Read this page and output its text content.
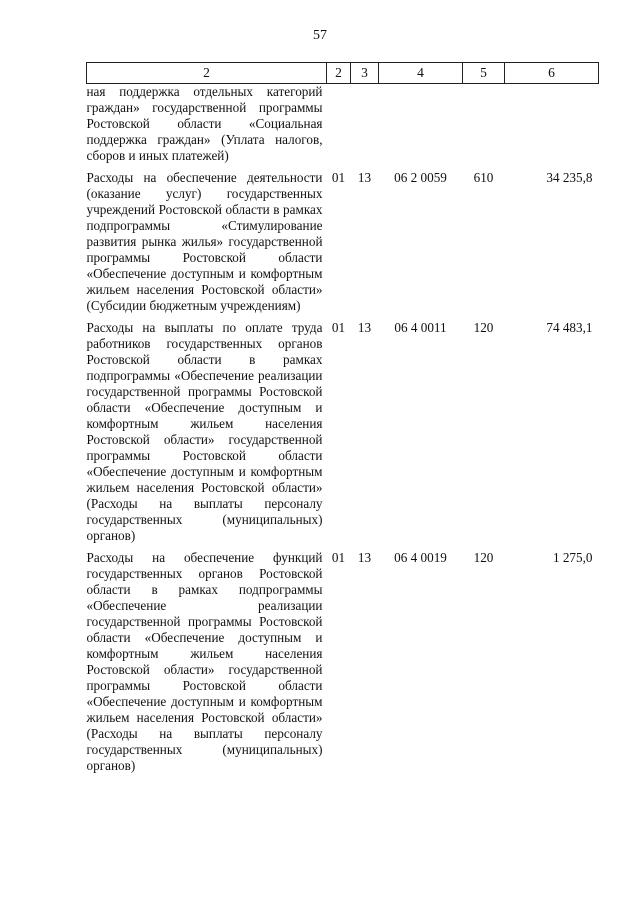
57
2	2	3	4	5	6
ная поддержка отдельных категорий граждан» государственной программы Ростовской области «Социальная поддержка граждан» (Уплата налогов, сборов и иных платежей)					
Расходы на обеспечение деятельности (оказание услуг) государственных учреждений Ростовской области в рамках подпрограммы «Стимулирование развития рынка жилья» государственной программы Ростовской области «Обеспечение доступным и комфортным жильем населения Ростовской области» (Субсидии бюджетным учреждениям)	01	13	06 2 0059	610	34 235,8
Расходы на выплаты по оплате труда работников государственных органов Ростовской области в рамках подпрограммы «Обеспечение реализации государственной программы Ростовской области «Обеспечение доступным и комфортным жильем населения Ростовской области» государственной программы Ростовской области «Обеспечение доступным и комфортным жильем населения Ростовской области» (Расходы на выплаты персоналу государственных (муниципальных) органов)	01	13	06 4 0011	120	74 483,1
Расходы на обеспечение функций государственных органов Ростовской области в рамках подпрограммы «Обеспечение реализации государственной программы Ростовской области «Обеспечение доступным и комфортным жильем населения Ростовской области» государственной программы Ростовской области «Обеспечение доступным и комфортным жильем населения Ростовской области» (Расходы на выплаты персоналу государственных (муниципальных) органов)	01	13	06 4 0019	120	1 275,0
